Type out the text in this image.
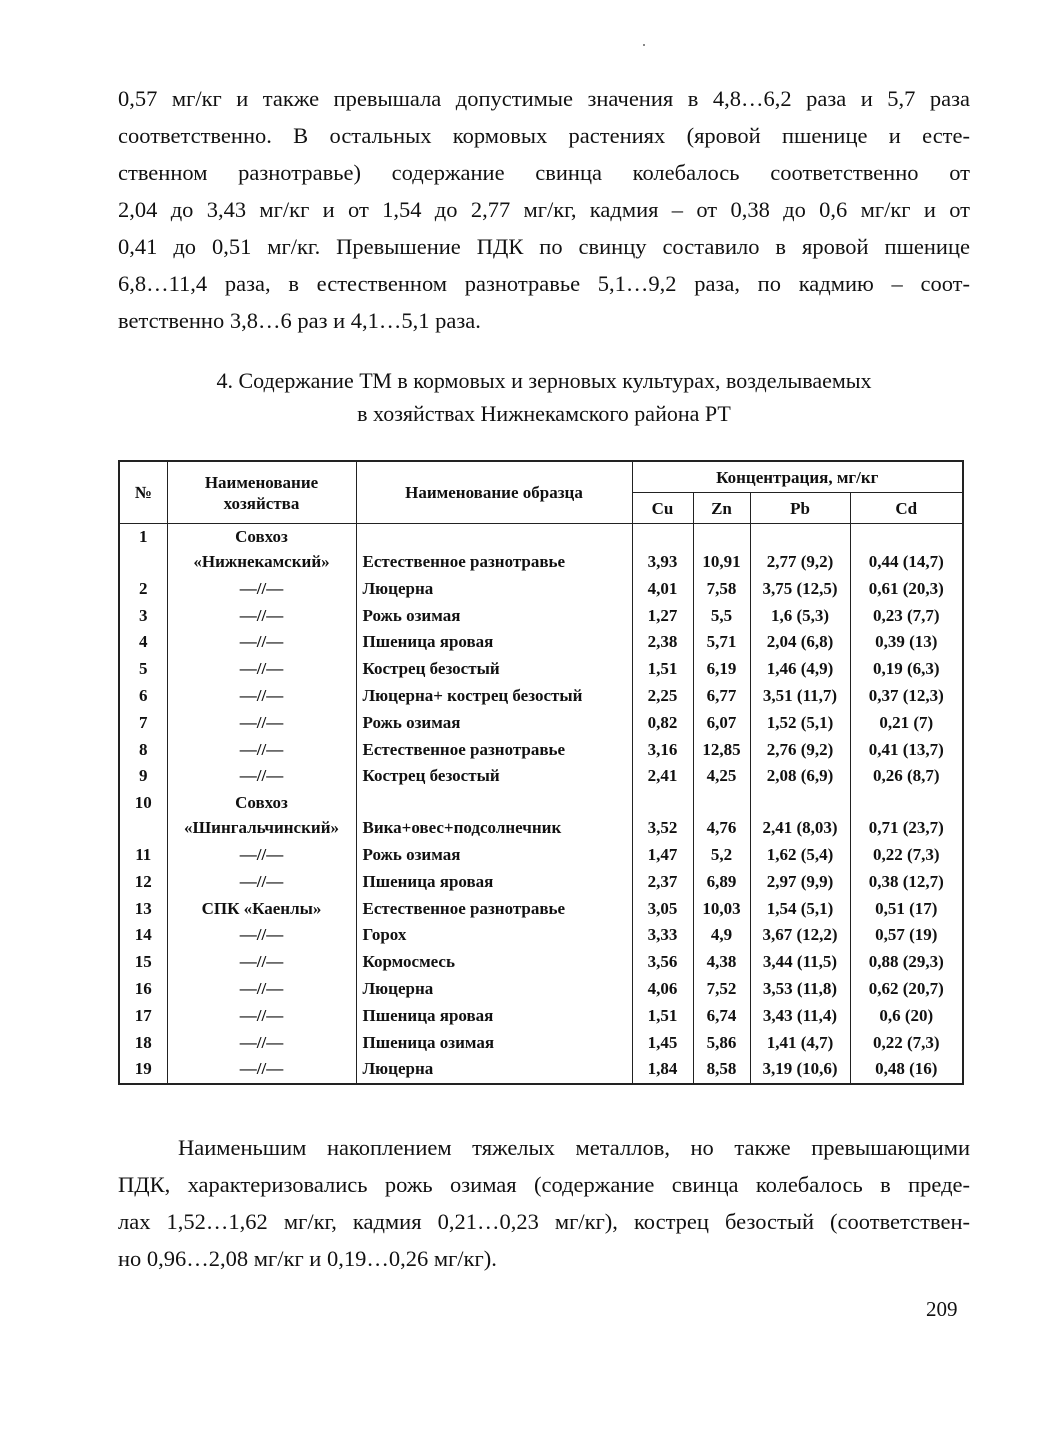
0,57 мг/кг и также превышала допустимые значения в 4,8…6,2 раза и 5,7 раза
соответственно. В остальных кормовых растениях (яровой пшенице и есте-
ственном разнотравье) содержание свинца колебалось соответственно от
2,04 до 3,43 мг/кг и от 1,54 до 2,77 мг/кг, кадмия – от 0,38 до 0,6 мг/кг и от
0,41 до 0,51 мг/кг. Превышение ПДК по свинцу составило в яровой пшенице
6,8…11,4 раза, в естественном разнотравье 5,1…9,2 раза, по кадмию – соот-
ветственно 3,8…6 раз и 4,1…5,1 раза.
4. Содержание ТМ в кормовых и зерновых культурах, возделываемых
в хозяйствах Нижнекамского района РТ
№	Наименование хозяйства	Наименование образца	Концентрация, мг/кг			
			Cu	Zn	Pb	Cd
1	Совхоз					
	«Нижнекамский»	Естественное разнотравье	3,93	10,91	2,77 (9,2)	0,44 (14,7)
2	—//—	Люцерна	4,01	7,58	3,75 (12,5)	0,61 (20,3)
3	—//—	Рожь озимая	1,27	5,5	1,6 (5,3)	0,23 (7,7)
4	—//—	Пшеница яровая	2,38	5,71	2,04 (6,8)	0,39 (13)
5	—//—	Кострец безостый	1,51	6,19	1,46 (4,9)	0,19 (6,3)
6	—//—	Люцерна+ кострец безостый	2,25	6,77	3,51 (11,7)	0,37 (12,3)
7	—//—	Рожь озимая	0,82	6,07	1,52 (5,1)	0,21 (7)
8	—//—	Естественное разнотравье	3,16	12,85	2,76 (9,2)	0,41 (13,7)
9	—//—	Кострец безостый	2,41	4,25	2,08 (6,9)	0,26 (8,7)
10	Совхоз					
	«Шингальчинский»	Вика+овес+подсолнечник	3,52	4,76	2,41 (8,03)	0,71 (23,7)
11	—//—	Рожь озимая	1,47	5,2	1,62 (5,4)	0,22 (7,3)
12	—//—	Пшеница яровая	2,37	6,89	2,97 (9,9)	0,38 (12,7)
13	СПК «Каенлы»	Естественное разнотравье	3,05	10,03	1,54 (5,1)	0,51 (17)
14	—//—	Горох	3,33	4,9	3,67 (12,2)	0,57 (19)
15	—//—	Кормосмесь	3,56	4,38	3,44 (11,5)	0,88 (29,3)
16	—//—	Люцерна	4,06	7,52	3,53 (11,8)	0,62 (20,7)
17	—//—	Пшеница яровая	1,51	6,74	3,43 (11,4)	0,6 (20)
18	—//—	Пшеница озимая	1,45	5,86	1,41 (4,7)	0,22 (7,3)
19	—//—	Люцерна	1,84	8,58	3,19 (10,6)	0,48 (16)
Наименьшим накоплением тяжелых металлов, но также превышающими
ПДК, характеризовались рожь озимая (содержание свинца колебалось в преде-
лах 1,52…1,62 мг/кг, кадмия 0,21…0,23 мг/кг), кострец безостый (соответствен-
но 0,96…2,08 мг/кг и 0,19…0,26 мг/кг).
209
